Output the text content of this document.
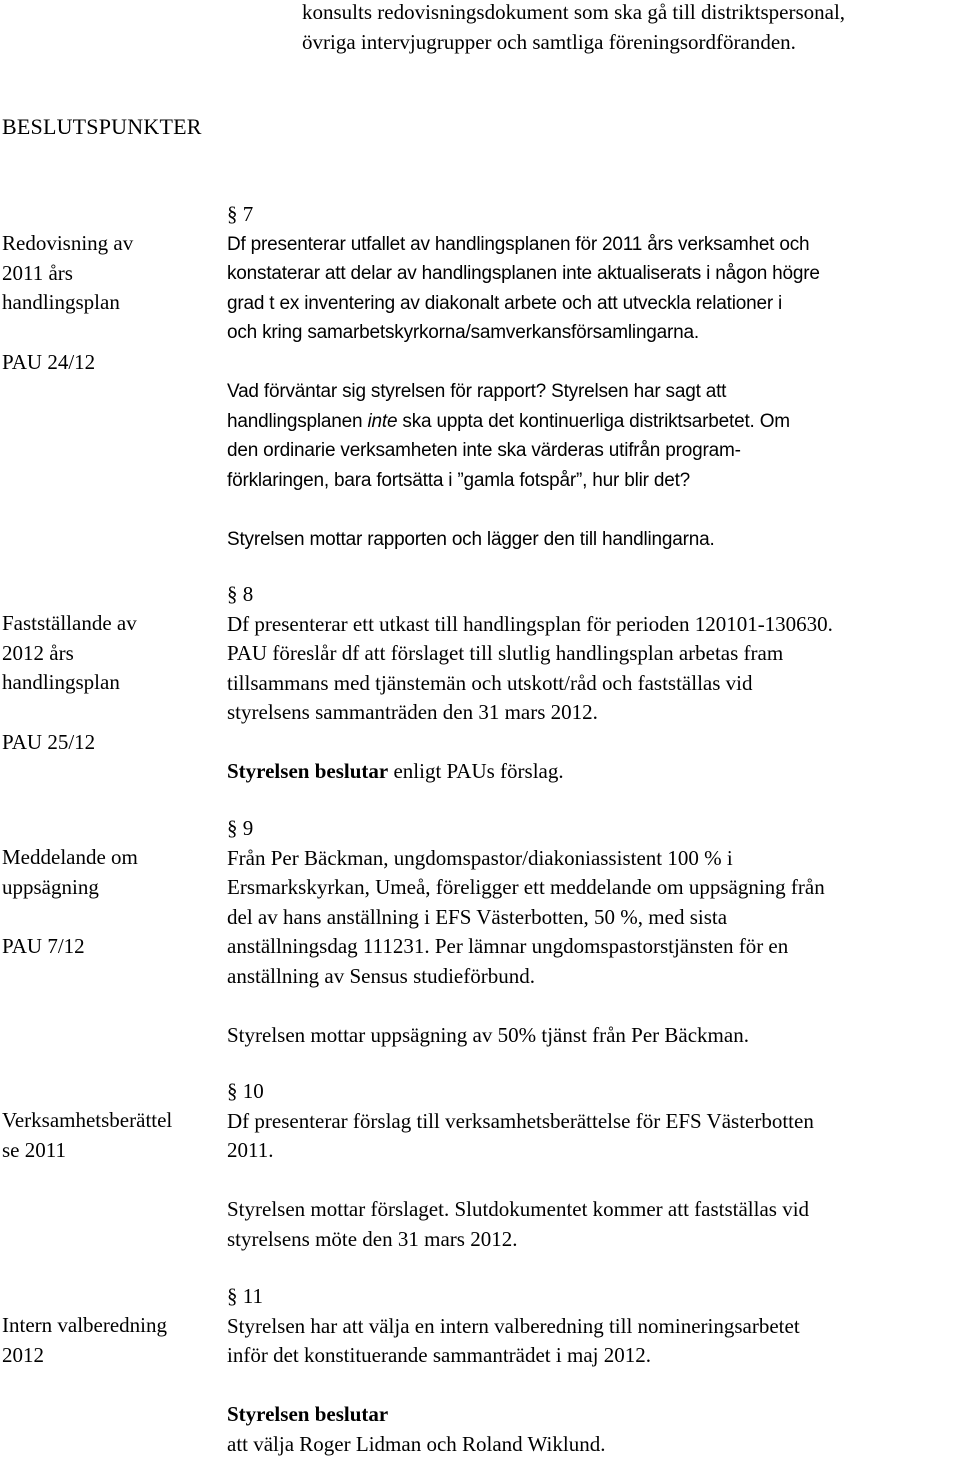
konsults redovisningsdokument som ska gå till distriktspersonal,
övriga intervjugrupper och samtliga föreningsordföranden.
BESLUTSPUNKTER

Redovisning av

2011 års

handlingsplan

PAU 24/12

§ 7

Df presenterar utfallet av handlingsplanen för 2011 års verksamhet och

konstaterar att delar av handlingsplanen inte aktualiserats i någon högre

grad t ex inventering av diakonalt arbete och att utveckla relationer i

och kring samarbetskyrkorna/samverkansförsamlingarna.

Vad förväntar sig styrelsen för rapport? Styrelsen har sagt att

handlingsplanen inte ska uppta det kontinuerliga distriktsarbetet. Om

den ordinarie verksamheten inte ska värderas utifrån program-

förklaringen, bara fortsätta i ”gamla fotspår”, hur blir det?

Styrelsen mottar rapporten och lägger den till handlingarna.

Fastställande av

2012 års

handlingsplan

PAU 25/12

§ 8

Df presenterar ett utkast till handlingsplan för perioden 120101-130630.

PAU föreslår df att förslaget till slutlig handlingsplan arbetas fram

tillsammans med tjänstemän och utskott/råd och fastställas vid

styrelsens sammanträden den 31 mars 2012.

Styrelsen beslutar enligt PAUs förslag.

Meddelande om

uppsägning

PAU 7/12

§ 9

Från Per Bäckman, ungdomspastor/diakoniassistent 100 % i

Ersmarkskyrkan, Umeå, föreligger ett meddelande om uppsägning från

del av hans anställning i EFS Västerbotten, 50 %, med sista

anställningsdag 111231. Per lämnar ungdomspastorstjänsten för en

anställning av Sensus studieförbund.

Styrelsen mottar uppsägning av 50% tjänst från Per Bäckman.

Verksamhetsberättel

se 2011

§ 10

Df presenterar förslag till verksamhetsberättelse för EFS Västerbotten

2011.

Styrelsen mottar förslaget. Slutdokumentet kommer att fastställas vid

styrelsens möte den 31 mars 2012.

Intern valberedning

2012

§ 11

Styrelsen har att välja en intern valberedning till nomineringsarbetet

inför det konstituerande sammanträdet i maj 2012.

Styrelsen beslutar

att välja Roger Lidman och Roland Wiklund.
